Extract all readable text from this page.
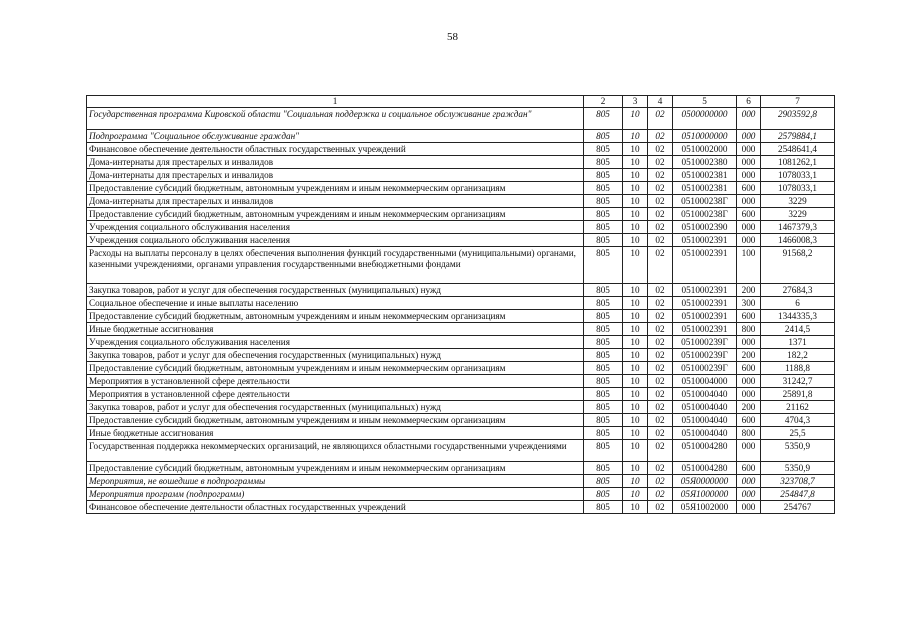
58
1	2	3	4	5	6	7
Государственная программа Кировской области "Социальная поддержка и социальное обслуживание граждан"	805	10	02	0500000000	000	2903592,8
Подпрограмма "Социальное обслуживание граждан"	805	10	02	0510000000	000	2579884,1
Финансовое обеспечение деятельности областных государственных учреждений	805	10	02	0510002000	000	2548641,4
Дома-интернаты для престарелых и инвалидов	805	10	02	0510002380	000	1081262,1
Дома-интернаты для престарелых и инвалидов	805	10	02	0510002381	000	1078033,1
Предоставление субсидий бюджетным, автономным учреждениям и иным некоммерческим организациям	805	10	02	0510002381	600	1078033,1
Дома-интернаты для престарелых и инвалидов	805	10	02	051000238Г	000	3229
Предоставление субсидий бюджетным, автономным учреждениям и иным некоммерческим организациям	805	10	02	051000238Г	600	3229
Учреждения социального обслуживания населения	805	10	02	0510002390	000	1467379,3
Учреждения социального обслуживания населения	805	10	02	0510002391	000	1466008,3
Расходы на выплаты персоналу в целях обеспечения выполнения функций государственными (муниципальными) органами, казенными учреждениями, органами управления государственными внебюджетными фондами	805	10	02	0510002391	100	91568,2
Закупка товаров, работ и услуг для обеспечения государственных (муниципальных) нужд	805	10	02	0510002391	200	27684,3
Социальное обеспечение и иные выплаты населению	805	10	02	0510002391	300	6
Предоставление субсидий бюджетным, автономным учреждениям и иным некоммерческим организациям	805	10	02	0510002391	600	1344335,3
Иные бюджетные ассигнования	805	10	02	0510002391	800	2414,5
Учреждения социального обслуживания населения	805	10	02	051000239Г	000	1371
Закупка товаров, работ и услуг для обеспечения государственных (муниципальных) нужд	805	10	02	051000239Г	200	182,2
Предоставление субсидий бюджетным, автономным учреждениям и иным некоммерческим организациям	805	10	02	051000239Г	600	1188,8
Мероприятия в установленной сфере деятельности	805	10	02	0510004000	000	31242,7
Мероприятия в установленной сфере деятельности	805	10	02	0510004040	000	25891,8
Закупка товаров, работ и услуг для обеспечения государственных (муниципальных) нужд	805	10	02	0510004040	200	21162
Предоставление субсидий бюджетным, автономным учреждениям и иным некоммерческим организациям	805	10	02	0510004040	600	4704,3
Иные бюджетные ассигнования	805	10	02	0510004040	800	25,5
Государственная поддержка некоммерческих организаций, не являющихся областными государственными учреждениями	805	10	02	0510004280	000	5350,9
Предоставление субсидий бюджетным, автономным учреждениям и иным некоммерческим организациям	805	10	02	0510004280	600	5350,9
Мероприятия, не вошедшие в подпрограммы	805	10	02	05Я0000000	000	323708,7
Мероприятия программ (подпрограмм)	805	10	02	05Я1000000	000	254847,8
Финансовое обеспечение деятельности областных государственных учреждений	805	10	02	05Я1002000	000	254767
